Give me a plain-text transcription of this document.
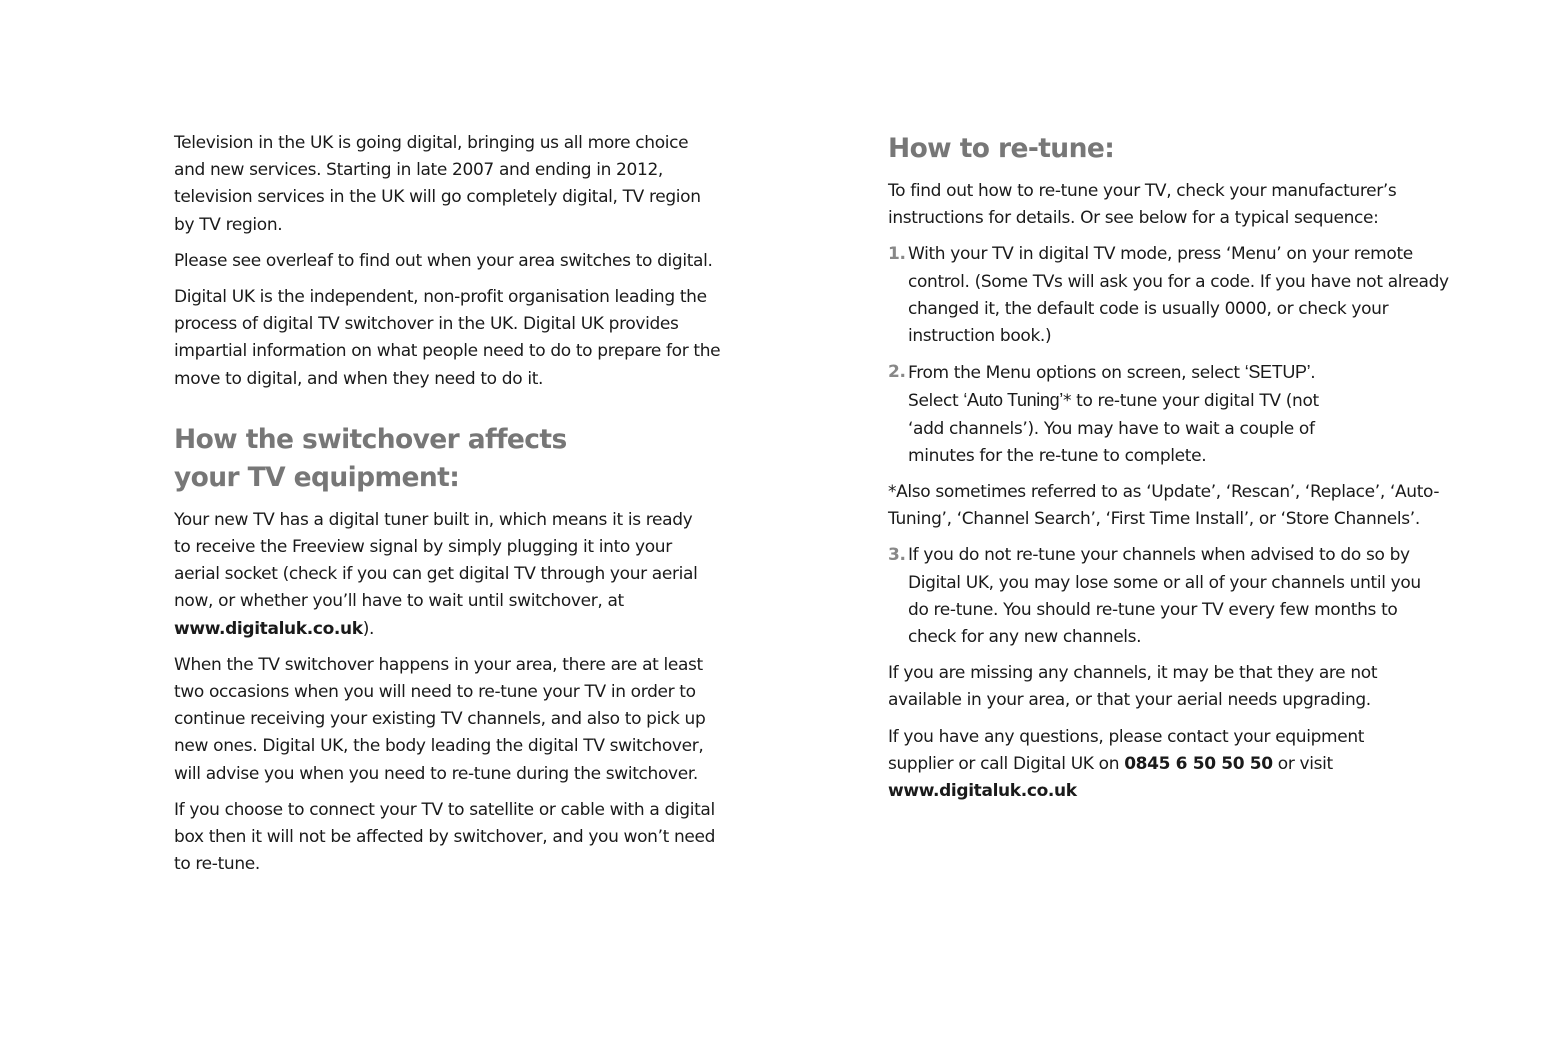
Television in the UK is going digital, bringing us all more choice and new services. Starting in late 2007 and ending in 2012, television services in the UK will go completely digital, TV region by TV region.

Please see overleaf to find out when your area switches to digital.

Digital UK is the independent, non-profit organisation leading the process of digital TV switchover in the UK. Digital UK provides impartial information on what people need to do to prepare for the move to digital, and when they need to do it.

How the switchover affects your TV equipment:

Your new TV has a digital tuner built in, which means it is ready to receive the Freeview signal by simply plugging it into your aerial socket (check if you can get digital TV through your aerial now, or whether you’ll have to wait until switchover, at www.digitaluk.co.uk).

When the TV switchover happens in your area, there are at least two occasions when you will need to re-tune your TV in order to continue receiving your existing TV channels, and also to pick up new ones. Digital UK, the body leading the digital TV switchover, will advise you when you need to re-tune during the switchover.

If you choose to connect your TV to satellite or cable with a digital box then it will not be affected by switchover, and you won’t need to re-tune.

How to re-tune:

To find out how to re-tune your TV, check your manufacturer’s instructions for details. Or see below for a typical sequence:

1. With your TV in digital TV mode, press ‘Menu’ on your remote control. (Some TVs will ask you for a code. If you have not already changed it, the default code is usually 0000, or check your instruction book.)

2. From the Menu options on screen, select ‘SETUP’. Select ‘Auto Tuning’* to re-tune your digital TV (not ‘add channels’). You may have to wait a couple of minutes for the re-tune to complete.

*Also sometimes referred to as ‘Update’, ‘Rescan’, ‘Replace’, ‘Auto-Tuning’, ‘Channel Search’, ‘First Time Install’, or ‘Store Channels’.

3. If you do not re-tune your channels when advised to do so by Digital UK, you may lose some or all of your channels until you do re-tune. You should re-tune your TV every few months to check for any new channels.

If you are missing any channels, it may be that they are not available in your area, or that your aerial needs upgrading.

If you have any questions, please contact your equipment supplier or call Digital UK on 0845 6 50 50 50 or visit www.digitaluk.co.uk
